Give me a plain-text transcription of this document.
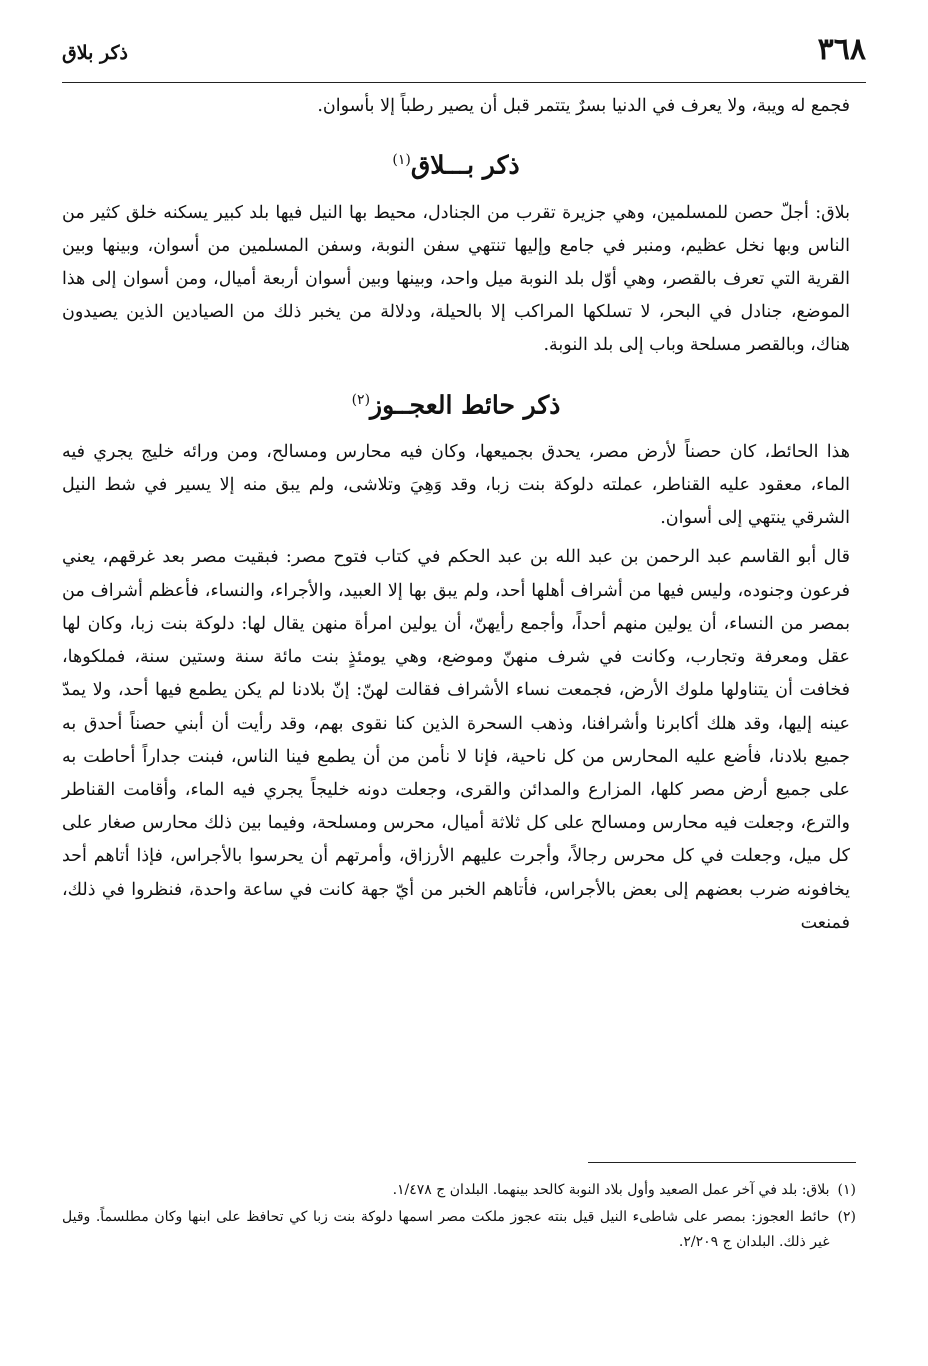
٣٦٨
ذكر بلاق

فجمع له ويبة، ولا يعرف في الدنيا بسرٌ يتتمر قبل أن يصير رطباً إلا بأسوان.

ذكر بـــلاق$^{(١)}$

بلاق: أجلّ حصن للمسلمين، وهي جزيرة تقرب من الجنادل، محيط بها النيل فيها بلد كبير يسكنه خلق كثير من الناس وبها نخل عظيم، ومنبر في جامع وإليها تنتهي سفن النوبة، وسفن المسلمين من أسوان، وبينها وبين القرية التي تعرف بالقصر، وهي أوّل بلد النوبة ميل واحد، وبينها وبين أسوان أربعة أميال، ومن أسوان إلى هذا الموضع، جنادل في البحر، لا تسلكها المراكب إلا بالحيلة، ودلالة من يخبر ذلك من الصيادين الذين يصيدون هناك، وبالقصر مسلحة وباب إلى بلد النوبة.

ذكر حائط العجــوز$^{(٢)}$

هذا الحائط، كان حصناً لأرض مصر، يحدق بجميعها، وكان فيه محارس ومسالح، ومن ورائه خليج يجري فيه الماء، معقود عليه القناطر، عملته دلوكة بنت زبا، وقد وَهِيَ وتلاشى، ولم يبق منه إلا يسير في شط النيل الشرقي ينتهي إلى أسوان.

قال أبو القاسم عبد الرحمن بن عبد الله بن عبد الحكم في كتاب فتوح مصر: فبقيت مصر بعد غرقهم، يعني فرعون وجنوده، وليس فيها من أشراف أهلها أحد، ولم يبق بها إلا العبيد، والأجراء، والنساء، فأعظم أشراف من بمصر من النساء، أن يولين منهم أحداً، وأجمع رأيهنّ، أن يولين امرأة منهن يقال لها: دلوكة بنت زبا، وكان لها عقل ومعرفة وتجارب، وكانت في شرف منهنّ وموضع، وهي يومئذٍ بنت مائة سنة وستين سنة، فملكوها، فخافت أن يتناولها ملوك الأرض، فجمعت نساء الأشراف فقالت لهنّ: إنّ بلادنا لم يكن يطمع فيها أحد، ولا يمدّ عينه إليها، وقد هلك أكابرنا وأشرافنا، وذهب السحرة الذين كنا نقوى بهم، وقد رأيت أن أبني حصناً أحدق به جميع بلادنا، فأضع عليه المحارس من كل ناحية، فإنا لا نأمن من أن يطمع فينا الناس، فبنت جداراً أحاطت به على جميع أرض مصر كلها، المزارع والمدائن والقرى، وجعلت دونه خليجاً يجري فيه الماء، وأقامت القناطر والترع، وجعلت فيه محارس ومسالح على كل ثلاثة أميال، محرس ومسلحة، وفيما بين ذلك محارس صغار على كل ميل، وجعلت في كل محرس رجالاً، وأجرت عليهم الأرزاق، وأمرتهم أن يحرسوا بالأجراس، فإذا أتاهم أحد يخافونه ضرب بعضهم إلى بعض بالأجراس، فأتاهم الخبر من أيّ جهة كانت في ساعة واحدة، فنظروا في ذلك، فمنعت

(١)
بلاق: بلد في آخر عمل الصعيد وأول بلاد النوبة كالحد بينهما. البلدان ج ١/٤٧٨.
(٢)
حائط العجوز: بمصر على شاطىء النيل قيل بنته عجوز ملكت مصر اسمها دلوكة بنت زبا كي تحافظ على ابنها وكان مطلسماً. وقيل غير ذلك. البلدان ج ٢/٢٠٩.
